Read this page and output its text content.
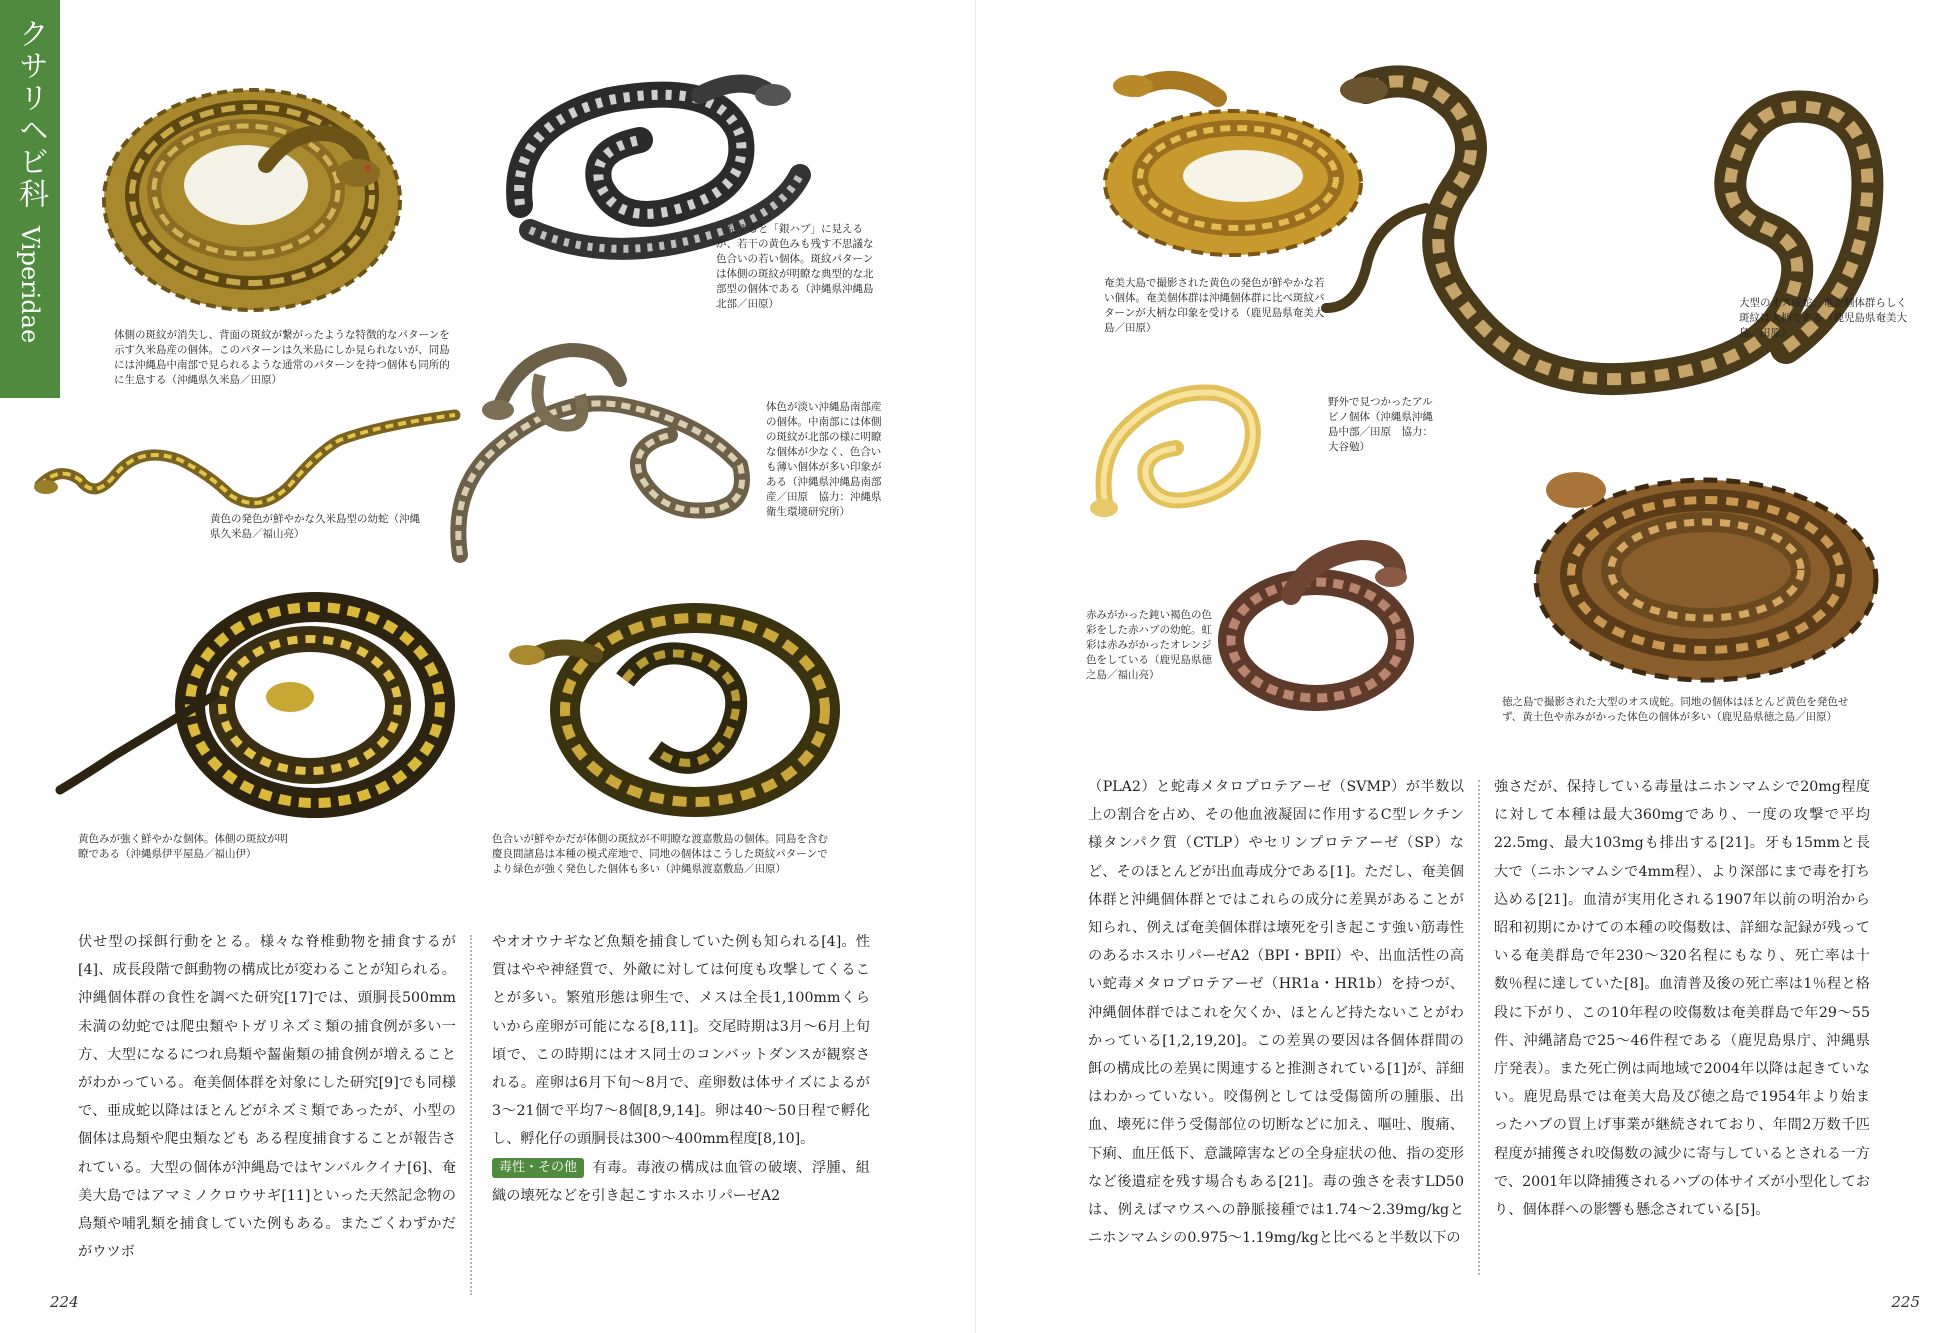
クサリヘビ科
Viperidae	一見すると「銀ハブ」に見えるが、若干の黄色みも残す不思議な色合いの若い個体。斑紋パターンは体側の斑紋が明瞭な典型的な北部型の個体である（沖縄県沖縄島北部／田原）
体側の斑紋が消失し、背面の斑紋が繋がったような特徴的なパターンを示す久米島産の個体。このパターンは久米島にしか見られないが、同島には沖縄島中南部で見られるような通常のパターンを持つ個体も同所的に生息する（沖縄県久米島／田原）
黄色の発色が鮮やかな久米島型の幼蛇（沖縄県久米島／福山亮）
体色が淡い沖縄島南部産の個体。中南部には体側の斑紋が北部の様に明瞭な個体が少なく、色合いも薄い個体が多い印象がある（沖縄県沖縄島南部産／田原　協力：沖縄県衛生環境研究所）
黄色みが強く鮮やかな個体。体側の斑紋が明瞭である（沖縄県伊平屋島／福山伊）
色合いが鮮やかだが体側の斑紋が不明瞭な渡嘉敷島の個体。同島を含む慶良間諸島は本種の模式産地で、同地の個体はこうした斑紋パターンでより緑色が強く発色した個体も多い（沖縄県渡嘉敷島／田原）
伏せ型の採餌行動をとる。様々な脊椎動物を捕食するが[4]、成長段階で餌動物の構成比が変わることが知られる。沖縄個体群の食性を調べた研究[17]では、頭胴長500mm未満の幼蛇では爬虫類やトガリネズミ類の捕食例が多い一方、大型になるにつれ鳥類や齧歯類の捕食例が増えることがわかっている。奄美個体群を対象にした研究[9]でも同様で、亜成蛇以降はほとんどがネズミ類であったが、小型の個体は鳥類や爬虫類なども ある程度捕食することが報告されている。大型の個体が沖縄島ではヤンバルクイナ[6]、奄美大島ではアマミノクロウサギ[11]といった天然記念物の鳥類や哺乳類を捕食していた例もある。またごくわずかだがウツボ
やオオウナギなど魚類を捕食していた例も知られる[4]。性質はやや神経質で、外敵に対しては何度も攻撃してくることが多い。繁殖形態は卵生で、メスは全長1,100mmくらいから産卵が可能になる[8,11]。交尾時期は3月～6月上旬頃で、この時期にはオス同士のコンバットダンスが観察される。産卵は6月下旬～8月で、産卵数は体サイズによるが3～21個で平均7～8個[8,9,14]。卵は40～50日程で孵化し、孵化仔の頭胴長は300～400mm程度[8,10]。
毒性・その他 有毒。毒液の構成は血管の破壊、浮腫、組織の壊死などを引き起こすホスホリパーゼA2
224
奄美大島で撮影された黄色の発色が鮮やかな若い個体。奄美個体群は沖縄個体群に比べ斑紋パターンが大柄な印象を受ける（鹿児島県奄美大島／田原）
大型のオス成蛇。奄美個体群らしく斑紋は大柄である（鹿児島県奄美大島／田原）
野外で見つかったアルビノ個体（沖縄県沖縄島中部／田原　協力：大谷勉）
赤みがかった鈍い褐色の色彩をした赤ハブの幼蛇。虹彩は赤みがかったオレンジ色をしている（鹿児島県徳之島／福山亮）
徳之島で撮影された大型のオス成蛇。同地の個体はほとんど黄色を発色せず、黄土色や赤みがかった体色の個体が多い（鹿児島県徳之島／田原）
（PLA2）と蛇毒メタロプロテアーゼ（SVMP）が半数以上の割合を占め、その他血液凝固に作用するC型レクチン様タンパク質（CTLP）やセリンプロテアーゼ（SP）など、そのほとんどが出血毒成分である[1]。ただし、奄美個体群と沖縄個体群とではこれらの成分に差異があることが知られ、例えば奄美個体群は壊死を引き起こす強い筋毒性のあるホスホリパーゼA2（BPI・BPII）や、出血活性の高い蛇毒メタロプロテアーゼ（HR1a・HR1b）を持つが、沖縄個体群ではこれを欠くか、ほとんど持たないことがわかっている[1,2,19,20]。この差異の要因は各個体群間の餌の構成比の差異に関連すると推測されている[1]が、詳細はわかっていない。咬傷例としては受傷箇所の腫脹、出血、壊死に伴う受傷部位の切断などに加え、嘔吐、腹痛、下痢、血圧低下、意識障害などの全身症状の他、指の変形など後遺症を残す場合もある[21]。毒の強さを表すLD50は、例えばマウスへの静脈接種では1.74～2.39mg/kgとニホンマムシの0.975～1.19mg/kgと比べると半数以下の
強さだが、保持している毒量はニホンマムシで20mg程度に対して本種は最大360mgであり、一度の攻撃で平均22.5mg、最大103mgも排出する[21]。牙も15mmと長大で（ニホンマムシで4mm程）、より深部にまで毒を打ち込める[21]。血清が実用化される1907年以前の明治から昭和初期にかけての本種の咬傷数は、詳細な記録が残っている奄美群島で年230～320名程にもなり、死亡率は十数％程に達していた[8]。血清普及後の死亡率は1％程と格段に下がり、この10年程の咬傷数は奄美群島で年29～55件、沖縄諸島で25～46件程である（鹿児島県庁、沖縄県庁発表）。また死亡例は両地域で2004年以降は起きていない。鹿児島県では奄美大島及び徳之島で1954年より始まったハブの買上げ事業が継続されており、年間2万数千匹程度が捕獲され咬傷数の減少に寄与しているとされる一方で、2001年以降捕獲されるハブの体サイズが小型化しており、個体群への影響も懸念されている[5]。
225
